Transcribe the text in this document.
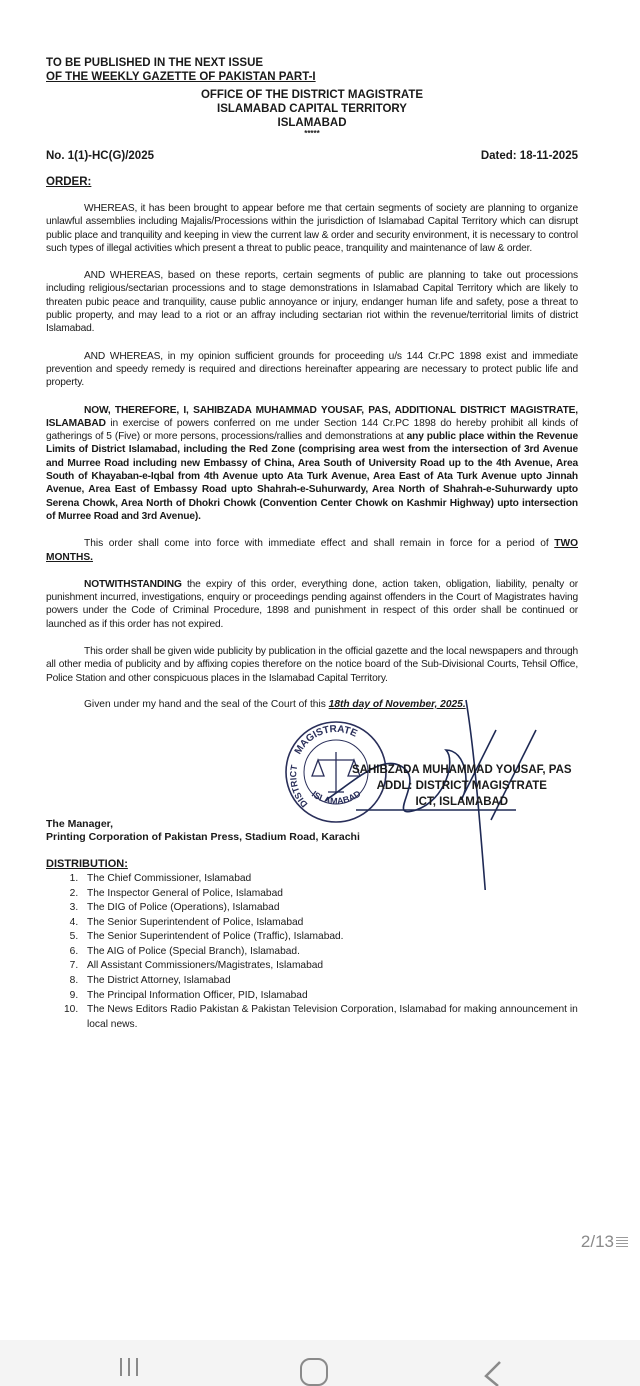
TO BE PUBLISHED IN THE NEXT ISSUE
OF THE WEEKLY GAZETTE OF PAKISTAN PART-I
OFFICE OF THE DISTRICT MAGISTRATE
ISLAMABAD CAPITAL TERRITORY
ISLAMABAD
*****
No. 1(1)-HC(G)/2025	Dated: 18-11-2025
ORDER:

WHEREAS, it has been brought to appear before me that certain segments of society are planning to organize unlawful assemblies including Majalis/Processions within the jurisdiction of Islamabad Capital Territory which can disrupt public place and tranquility and keeping in view the current law & order and security environment, it is necessary to control such types of illegal activities which present a threat to public peace, tranquility and maintenance of law & order.

AND WHEREAS, based on these reports, certain segments of public are planning to take out processions including religious/sectarian processions and to stage demonstrations in Islamabad Capital Territory which are likely to threaten pubic peace and tranquility, cause public annoyance or injury, endanger human life and safety, pose a threat to public property, and may lead to a riot or an affray including sectarian riot within the revenue/territorial limits of district Islamabad.

AND WHEREAS, in my opinion sufficient grounds for proceeding u/s 144 Cr.PC 1898 exist and immediate prevention and speedy remedy is required and directions hereinafter appearing are necessary to protect public life and property.

NOW, THEREFORE, I, SAHIBZADA MUHAMMAD YOUSAF, PAS, ADDITIONAL DISTRICT MAGISTRATE, ISLAMABAD in exercise of powers conferred on me under Section 144 Cr.PC 1898 do hereby prohibit all kinds of gatherings of 5 (Five) or more persons, processions/rallies and demonstrations at any public place within the Revenue Limits of District Islamabad, including the Red Zone (comprising area west from the intersection of 3rd Avenue and Murree Road including new Embassy of China, Area South of University Road up to the 4th Avenue, Area South of Khayaban-e-Iqbal from 4th Avenue upto Ata Turk Avenue, Area East of Ata Turk Avenue upto Jinnah Avenue, Area East of Embassy Road upto Shahrah-e-Suhurwardy, Area North of Shahrah-e-Suhurwardy upto Serena Chowk, Area North of Dhokri Chowk (Convention Center Chowk on Kashmir Highway) upto intersection of Murree Road and 3rd Avenue).

This order shall come into force with immediate effect and shall remain in force for a period of TWO MONTHS.

NOTWITHSTANDING the expiry of this order, everything done, action taken, obligation, liability, penalty or punishment incurred, investigations, enquiry or proceedings pending against offenders in the Court of Magistrates having powers under the Code of Criminal Procedure, 1898 and punishment in respect of this order shall be continued or launched as if this order has not expired.

This order shall be given wide publicity by publication in the official gazette and the local newspapers and through all other media of publicity and by affixing copies therefore on the notice board of the Sub-Divisional Courts, Tehsil Office, Police Station and other conspicuous places in the Islamabad Capital Territory.

Given under my hand and the seal of the Court of this 18th day of November, 2025.
MAGISTRATE
DISTRICT
ISLAMABAD
SAHIBZADA MUHAMMAD YOUSAF, PAS
ADDL: DISTRICT MAGISTRATE
ICT, ISLAMABAD
The Manager,
Printing Corporation of Pakistan Press, Stadium Road, Karachi
DISTRIBUTION:
1. The Chief Commissioner, Islamabad
2. The Inspector General of Police, Islamabad
3. The DIG of Police (Operations), Islamabad
4. The Senior Superintendent of Police, Islamabad
5. The Senior Superintendent of Police (Traffic), Islamabad.
6. The AIG of Police (Special Branch), Islamabad.
7. All Assistant Commissioners/Magistrates, Islamabad
8. The District Attorney, Islamabad
9. The Principal Information Officer, PID, Islamabad
10. The News Editors Radio Pakistan & Pakistan Television Corporation, Islamabad for making announcement in local news.
2/13
